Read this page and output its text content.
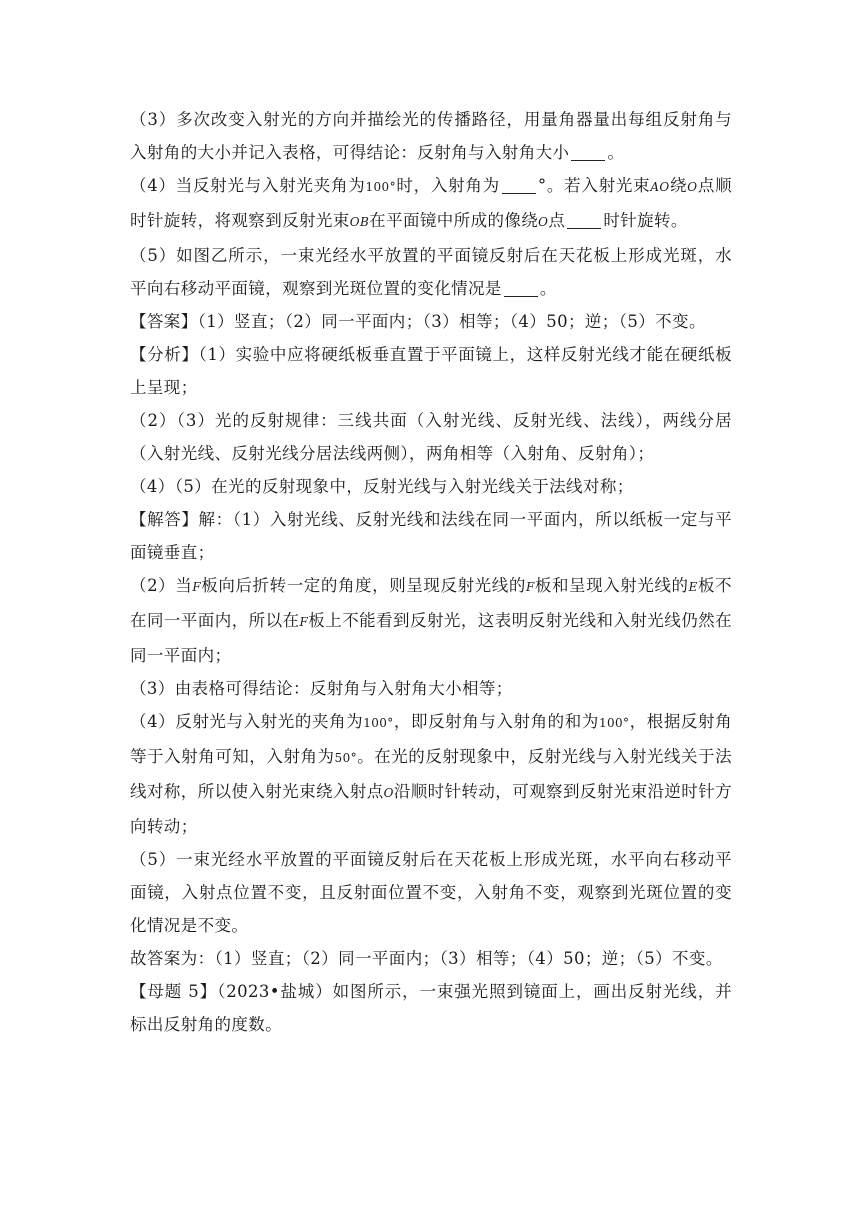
（3）多次改变入射光的方向并描绘光的传播路径，用量角器量出每组反射角与入射角的大小并记入表格，可得结论：反射角与入射角大小 。

（4）当反射光与入射光夹角为100°时，入射角为 °。若入射光束AO绕O点顺时针旋转，将观察到反射光束OB在平面镜中所成的像绕O点 时针旋转。

（5）如图乙所示，一束光经水平放置的平面镜反射后在天花板上形成光斑，水平向右移动平面镜，观察到光斑位置的变化情况是 。

【答案】（1）竖直；（2）同一平面内；（3）相等；（4）50；逆；（5）不变。

【分析】（1）实验中应将硬纸板垂直置于平面镜上，这样反射光线才能在硬纸板上呈现；

（2）（3）光的反射规律：三线共面（入射光线、反射光线、法线），两线分居（入射光线、反射光线分居法线两侧），两角相等（入射角、反射角）；

（4）（5）在光的反射现象中，反射光线与入射光线关于法线对称；

【解答】解：（1）入射光线、反射光线和法线在同一平面内，所以纸板一定与平面镜垂直；

（2）当F板向后折转一定的角度，则呈现反射光线的F板和呈现入射光线的E板不在同一平面内，所以在F板上不能看到反射光，这表明反射光线和入射光线仍然在同一平面内；

（3）由表格可得结论：反射角与入射角大小相等；

（4）反射光与入射光的夹角为100°，即反射角与入射角的和为100°，根据反射角等于入射角可知，入射角为50°。在光的反射现象中，反射光线与入射光线关于法线对称，所以使入射光束绕入射点O沿顺时针转动，可观察到反射光束沿逆时针方向转动；

（5）一束光经水平放置的平面镜反射后在天花板上形成光斑，水平向右移动平面镜，入射点位置不变，且反射面位置不变，入射角不变，观察到光斑位置的变化情况是不变。

故答案为：（1）竖直；（2）同一平面内；（3）相等；（4）50；逆；（5）不变。

【母题 5】（2023•盐城）如图所示，一束强光照到镜面上，画出反射光线，并标出反射角的度数。
